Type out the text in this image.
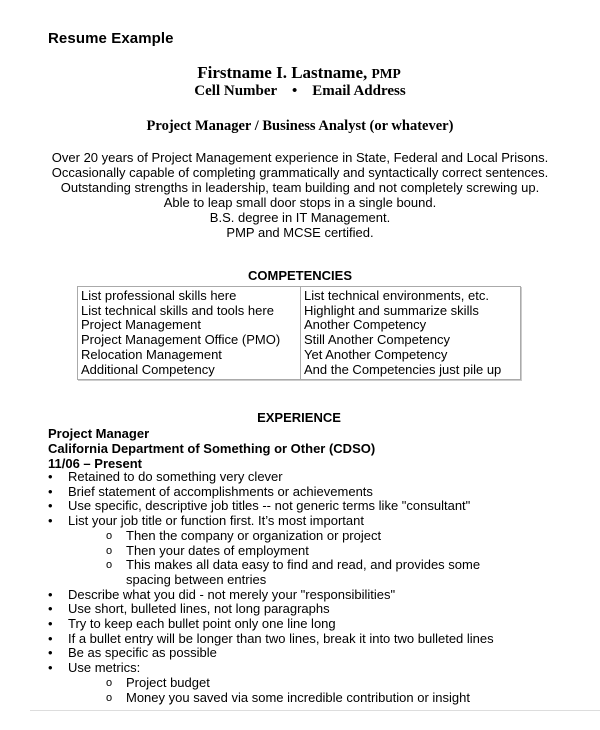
Resume Example
Firstname I. Lastname, PMP
Cell Number • Email Address
Project Manager / Business Analyst (or whatever)
Over 20 years of Project Management experience in State, Federal and Local Prisons.
Occasionally capable of completing grammatically and syntactically correct sentences.
Outstanding strengths in leadership, team building and not completely screwing up.
Able to leap small door stops in a single bound.
B.S. degree in IT Management.
PMP and MCSE certified.
COMPETENCIES
List professional skills here
List technical skills and tools here
Project Management
Project Management Office (PMO)
Relocation Management
Additional Competency
List technical environments, etc.
Highlight and summarize skills
Another Competency
Still Another Competency
Yet Another Competency
And the Competencies just pile up
EXPERIENCE
Project Manager
California Department of Something or Other (CDSO)
11/06 – Present
• Retained to do something very clever
• Brief statement of accomplishments or achievements
• Use specific, descriptive job titles -- not generic terms like "consultant"
• List your job title or function first. It’s most important
o Then the company or organization or project
o Then your dates of employment
o This makes all data easy to find and read, and provides some spacing between entries
• Describe what you did - not merely your "responsibilities"
• Use short, bulleted lines, not long paragraphs
• Try to keep each bullet point only one line long
• If a bullet entry will be longer than two lines, break it into two bulleted lines
• Be as specific as possible
• Use metrics:
o Project budget
o Money you saved via some incredible contribution or insight
